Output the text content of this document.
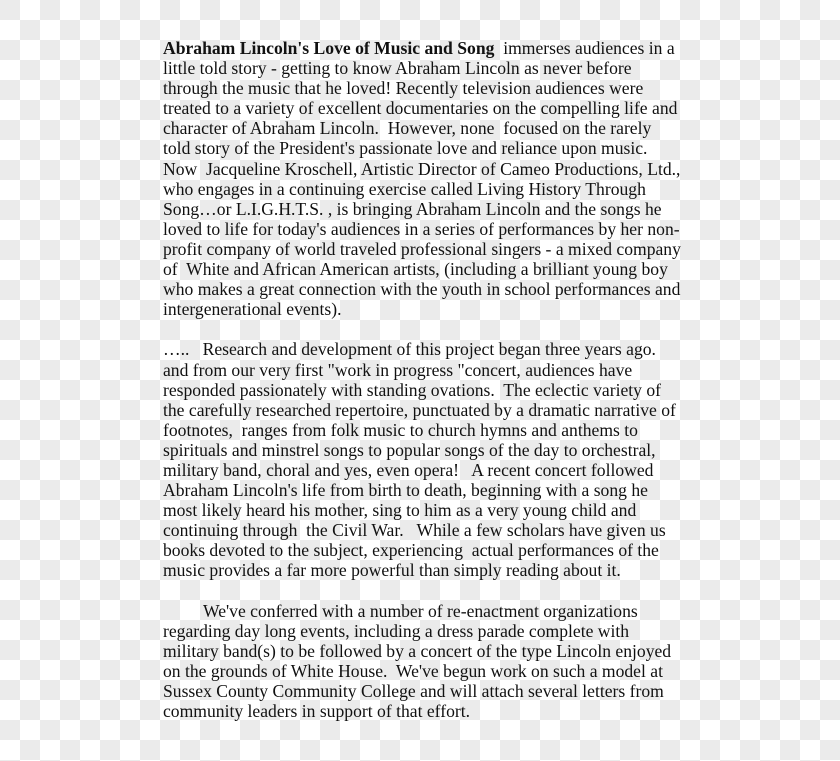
Abraham Lincoln's Love of Music and Song  immerses audiences in a
little told story - getting to know Abraham Lincoln as never before
through the music that he loved! Recently television audiences were
treated to a variety of excellent documentaries on the compelling life and
character of Abraham Lincoln.  However, none  focused on the rarely
told story of the President's passionate love and reliance upon music.
Now  Jacqueline Kroschell, Artistic Director of Cameo Productions, Ltd.,
who engages in a continuing exercise called Living History Through
Song…or L.I.G.H.T.S. , is bringing Abraham Lincoln and the songs he
loved to life for today's audiences in a series of performances by her non-
profit company of world traveled professional singers - a mixed company
of  White and African American artists, (including a brilliant young boy
who makes a great connection with the youth in school performances and
intergenerational events).
…..   Research and development of this project began three years ago.
and from our very first "work in progress "concert, audiences have
responded passionately with standing ovations.  The eclectic variety of
the carefully researched repertoire, punctuated by a dramatic narrative of
footnotes,  ranges from folk music to church hymns and anthems to
spirituals and minstrel songs to popular songs of the day to orchestral,
military band, choral and yes, even opera!   A recent concert followed
Abraham Lincoln's life from birth to death, beginning with a song he
most likely heard his mother, sing to him as a very young child and
continuing through  the Civil War.   While a few scholars have given us
books devoted to the subject, experiencing  actual performances of the
music provides a far more powerful than simply reading about it.
We've conferred with a number of re-enactment organizations
regarding day long events, including a dress parade complete with
military band(s) to be followed by a concert of the type Lincoln enjoyed
on the grounds of White House.  We've begun work on such a model at
Sussex County Community College and will attach several letters from
community leaders in support of that effort.
